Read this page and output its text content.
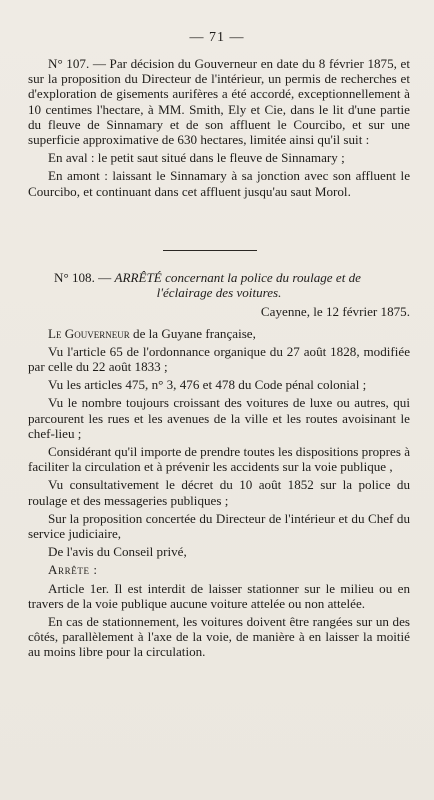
— 71 —

N° 107. — Par décision du Gouverneur en date du 8 février 1875, et sur la proposition du Directeur de l'intérieur, un permis de recherches et d'exploration de gisements aurifères a été accordé, exceptionnellement à 10 centimes l'hectare, à MM. Smith, Ely et Cie, dans le lit d'une partie du fleuve de Sinnamary et de son affluent le Courcibo, et sur une superficie approximative de 630 hectares, limitée ainsi qu'il suit :

En aval : le petit saut situé dans le fleuve de Sinnamary ;

En amont : laissant le Sinnamary à sa jonction avec son affluent le Courcibo, et continuant dans cet affluent jusqu'au saut Morol.

N° 108. — ARRÊTÉ concernant la police du roulage et de
l'éclairage des voitures.

Cayenne, le 12 février 1875.

Le Gouverneur de la Guyane française,

Vu l'article 65 de l'ordonnance organique du 27 août 1828, modifiée par celle du 22 août 1833 ;

Vu les articles 475, n° 3, 476 et 478 du Code pénal colonial ;

Vu le nombre toujours croissant des voitures de luxe ou autres, qui parcourent les rues et les avenues de la ville et les routes avoisinant le chef-lieu ;

Considérant qu'il importe de prendre toutes les dispositions propres à faciliter la circulation et à prévenir les accidents sur la voie publique ,

Vu consultativement le décret du 10 août 1852 sur la police du roulage et des messageries publiques ;

Sur la proposition concertée du Directeur de l'intérieur et du Chef du service judiciaire,

De l'avis du Conseil privé,

Arrête :

Article 1er. Il est interdit de laisser stationner sur le milieu ou en travers de la voie publique aucune voiture attelée ou non attelée.

En cas de stationnement, les voitures doivent être rangées sur un des côtés, parallèlement à l'axe de la voie, de manière à en laisser la moitié au moins libre pour la circulation.
